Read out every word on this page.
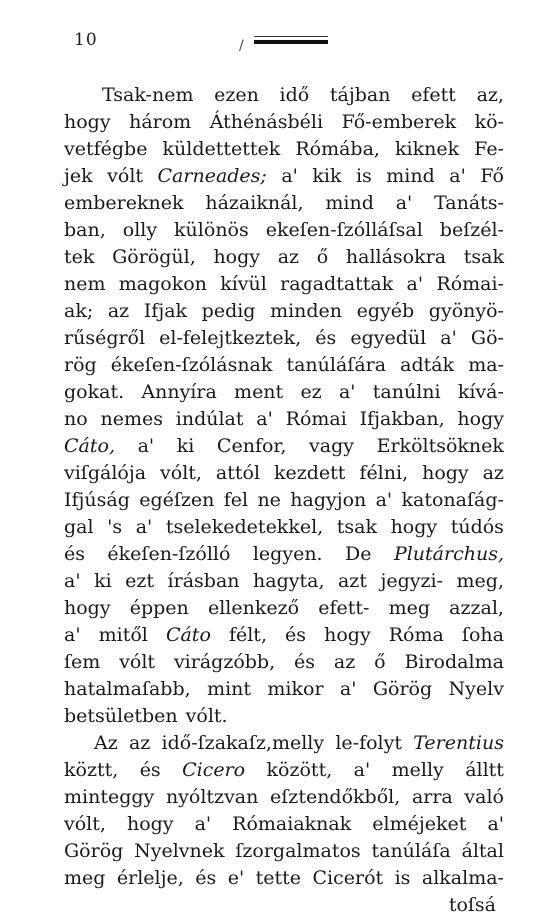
10	/
Tsak-nem ezen idő tájban efett az,
hogy három Áthénásbéli Fő-emberek kö-
vetfégbe küldettettek Rómába, kiknek Fe-
jek vólt Carneades; a' kik is mind a' Fő
embereknek házaiknál, mind a' Tanáts-
ban, olly különös ekeſen-ſzólláſsal beſzél-
tek Görögül, hogy az ő hallásokra tsak
nem magokon kívül ragadtattak a' Római-
ak; az Ifjak pedig minden egyéb gyönyö-
rűségről el-felejtkeztek, és egyedül a' Gö-
rög ékeſen-ſzólásnak tanúláſára adták ma-
gokat. Annyíra ment ez a' tanúlni kívá-
no nemes indúlat a' Római Ifjakban, hogy
Cáto, a' ki Cenfor, vagy Erköltsöknek
viſgálója vólt, attól kezdett félni, hogy az
Ifjúság egéſzen fel ne hagyjon a' katonaſág-
gal 's a' tselekedetekkel, tsak hogy túdós
és ékeſen-ſzólló legyen. De Plutárchus,
a' ki ezt írásban hagyta, azt jegyzi- meg,
hogy éppen ellenkező efett- meg azzal,
a' mitől Cáto félt, és hogy Róma ſoha
ſem vólt virágzóbb, és az ő Birodalma
hatalmaſabb, mint mikor a' Görög Nyelv
betsületben vólt.
Az az idő-ſzakaſz,melly le-folyt Terentius
köztt, és Cicero között, a' melly álltt
minteggy nyóltzvan eſztendőkből, arra való
vólt, hogy a' Rómaiaknak elméjeket a'
Görög Nyelvnek ſzorgalmatos tanúláſa által
meg érlelje, és e' tette Cicerót is alkalma-
toſsá
